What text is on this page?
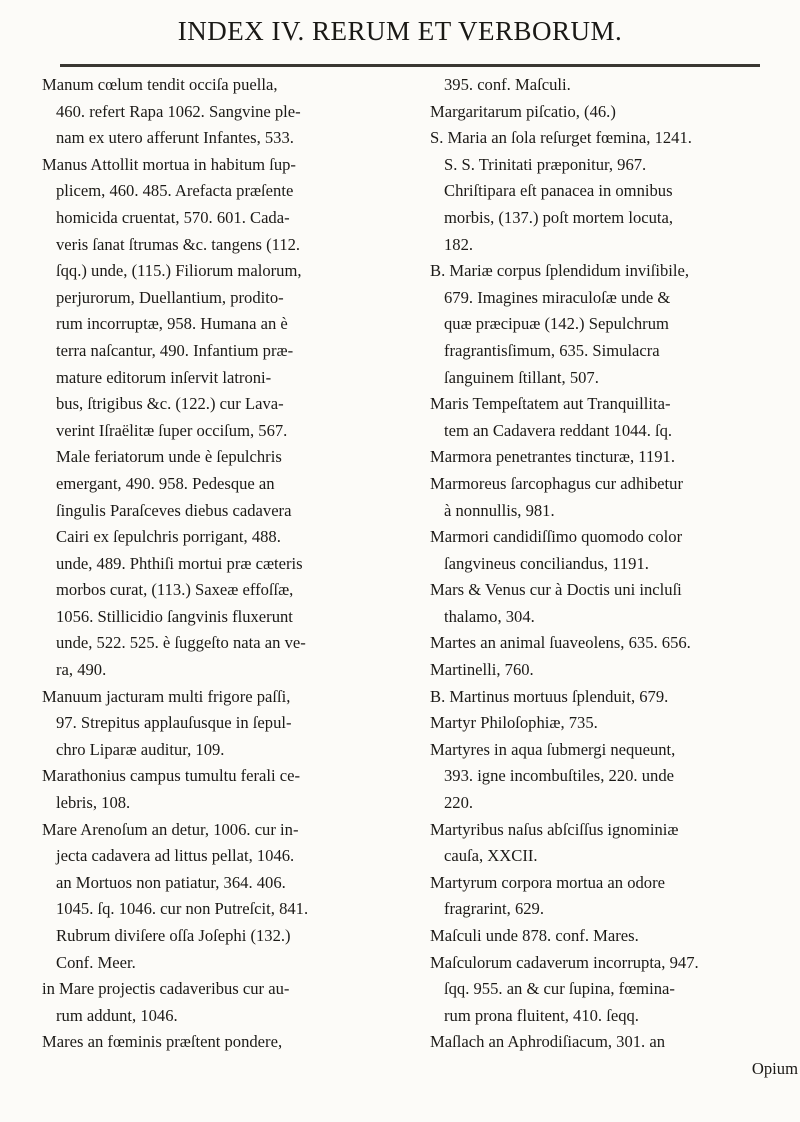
INDEX IV. RERUM ET VERBORUM.
Manum cœlum tendit occiſa puella,
460. refert Rapa 1062. Sangvine ple-
nam ex utero afferunt Infantes, 533.
Manus Attollit mortua in habitum ſup-
plicem, 460. 485. Arefacta præſente
homicida cruentat, 570. 601. Cada-
veris ſanat ſtrumas &c. tangens (112.
ſqq.) unde, (115.) Filiorum malorum,
perjurorum, Duellantium, prodito-
rum incorruptæ, 958. Humana an è
terra naſcantur, 490. Infantium præ-
mature editorum inſervit latroni-
bus, ſtrigibus &c. (122.) cur Lava-
verint Iſraëlitæ ſuper occiſum, 567.
Male feriatorum unde è ſepulchris
emergant, 490. 958. Pedesque an
ſingulis Paraſceves diebus cadavera
Cairi ex ſepulchris porrigant, 488.
unde, 489. Phthiſi mortui præ cæteris
morbos curat, (113.) Saxeæ effoſſæ,
1056. Stillicidio ſangvinis fluxerunt
unde, 522. 525. è ſuggeſto nata an ve-
ra, 490.
Manuum jacturam multi frigore paſſi,
97. Strepitus applauſusque in ſepul-
chro Liparæ auditur, 109.
Marathonius campus tumultu ferali ce-
lebris, 108.
Mare Arenoſum an detur, 1006. cur in-
jecta cadavera ad littus pellat, 1046.
an Mortuos non patiatur, 364. 406.
1045. ſq. 1046. cur non Putreſcit, 841.
Rubrum diviſere oſſa Joſephi (132.)
Conf. Meer.
in Mare projectis cadaveribus cur au-
rum addunt, 1046.
Mares an fœminis præſtent pondere,
395. conf. Maſculi.
Margaritarum piſcatio, (46.)
S. Maria an ſola reſurget fœmina, 1241.
S. S. Trinitati præponitur, 967.
Chriſtipara eſt panacea in omnibus
morbis, (137.) poſt mortem locuta,
182.
B. Mariæ corpus ſplendidum inviſibile,
679. Imagines miraculoſæ unde &
quæ præcipuæ (142.) Sepulchrum
fragrantisſimum, 635. Simulacra
ſanguinem ſtillant, 507.
Maris Tempeſtatem aut Tranquillita-
tem an Cadavera reddant 1044. ſq.
Marmora penetrantes tincturæ, 1191.
Marmoreus ſarcophagus cur adhibetur
à nonnullis, 981.
Marmori candidiſſimo quomodo color
ſangvineus conciliandus, 1191.
Mars & Venus cur à Doctis uni incluſi
thalamo, 304.
Martes an animal ſuaveolens, 635. 656.
Martinelli, 760.
B. Martinus mortuus ſplenduit, 679.
Martyr Philoſophiæ, 735.
Martyres in aqua ſubmergi nequeunt,
393. igne incombuſtiles, 220. unde
220.
Martyribus naſus abſciſſus ignominiæ
cauſa, XXCII.
Martyrum corpora mortua an odore
fragrarint, 629.
Maſculi unde 878. conf. Mares.
Maſculorum cadaverum incorrupta, 947.
ſqq. 955. an & cur ſupina, fœmina-
rum prona fluitent, 410. ſeqq.
Maſlach an Aphrodiſiacum, 301. an
Opium
